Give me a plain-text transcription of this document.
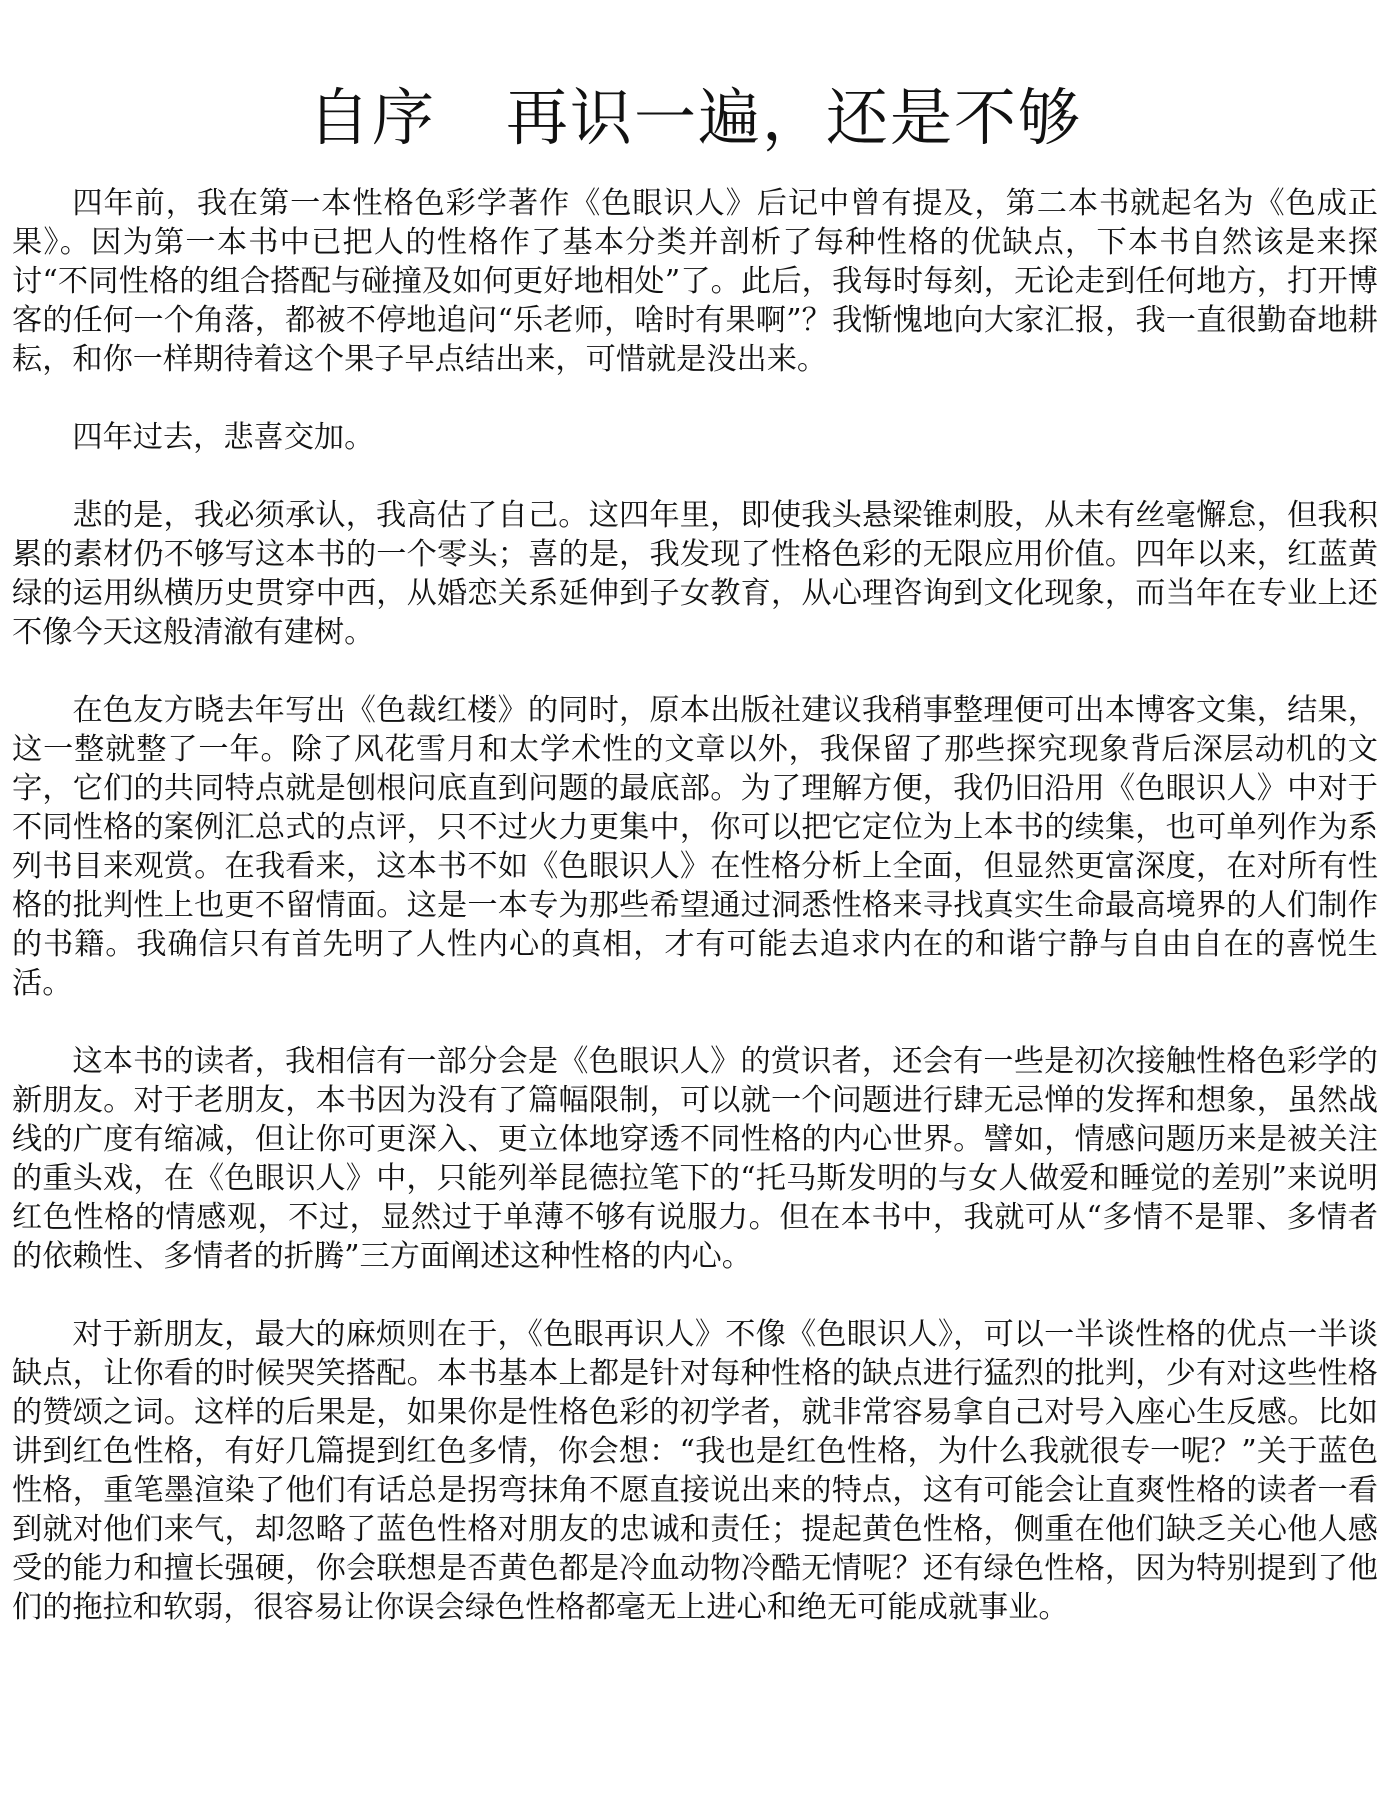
自序 再识一遍，还是不够

四年前，我在第一本性格色彩学著作《色眼识人》后记中曾有提及，第二本书就起名为《色成正果》。因为第一本书中已把人的性格作了基本分类并剖析了每种性格的优缺点，下本书自然该是来探讨“不同性格的组合搭配与碰撞及如何更好地相处”了。此后，我每时每刻，无论走到任何地方，打开博客的任何一个角落，都被不停地追问“乐老师，啥时有果啊”？我惭愧地向大家汇报，我一直很勤奋地耕耘，和你一样期待着这个果子早点结出来，可惜就是没出来。

四年过去，悲喜交加。

悲的是，我必须承认，我高估了自己。这四年里，即使我头悬梁锥刺股，从未有丝毫懈怠，但我积累的素材仍不够写这本书的一个零头；喜的是，我发现了性格色彩的无限应用价值。四年以来，红蓝黄绿的运用纵横历史贯穿中西，从婚恋关系延伸到子女教育，从心理咨询到文化现象，而当年在专业上还不像今天这般清澈有建树。

在色友方晓去年写出《色裁红楼》的同时，原本出版社建议我稍事整理便可出本博客文集，结果，这一整就整了一年。除了风花雪月和太学术性的文章以外，我保留了那些探究现象背后深层动机的文字，它们的共同特点就是刨根问底直到问题的最底部。为了理解方便，我仍旧沿用《色眼识人》中对于不同性格的案例汇总式的点评，只不过火力更集中，你可以把它定位为上本书的续集，也可单列作为系列书目来观赏。在我看来，这本书不如《色眼识人》在性格分析上全面，但显然更富深度，在对所有性格的批判性上也更不留情面。这是一本专为那些希望通过洞悉性格来寻找真实生命最高境界的人们制作的书籍。我确信只有首先明了人性内心的真相，才有可能去追求内在的和谐宁静与自由自在的喜悦生活。

这本书的读者，我相信有一部分会是《色眼识人》的赏识者，还会有一些是初次接触性格色彩学的新朋友。对于老朋友，本书因为没有了篇幅限制，可以就一个问题进行肆无忌惮的发挥和想象，虽然战线的广度有缩减，但让你可更深入、更立体地穿透不同性格的内心世界。譬如，情感问题历来是被关注的重头戏，在《色眼识人》中，只能列举昆德拉笔下的“托马斯发明的与女人做爱和睡觉的差别”来说明红色性格的情感观，不过，显然过于单薄不够有说服力。但在本书中，我就可从“多情不是罪、多情者的依赖性、多情者的折腾”三方面阐述这种性格的内心。

对于新朋友，最大的麻烦则在于，《色眼再识人》不像《色眼识人》，可以一半谈性格的优点一半谈缺点，让你看的时候哭笑搭配。本书基本上都是针对每种性格的缺点进行猛烈的批判，少有对这些性格的赞颂之词。这样的后果是，如果你是性格色彩的初学者，就非常容易拿自己对号入座心生反感。比如讲到红色性格，有好几篇提到红色多情，你会想：“我也是红色性格，为什么我就很专一呢？”关于蓝色性格，重笔墨渲染了他们有话总是拐弯抹角不愿直接说出来的特点，这有可能会让直爽性格的读者一看到就对他们来气，却忽略了蓝色性格对朋友的忠诚和责任；提起黄色性格，侧重在他们缺乏关心他人感受的能力和擅长强硬，你会联想是否黄色都是冷血动物冷酷无情呢？还有绿色性格，因为特别提到了他们的拖拉和软弱，很容易让你误会绿色性格都毫无上进心和绝无可能成就事业。
